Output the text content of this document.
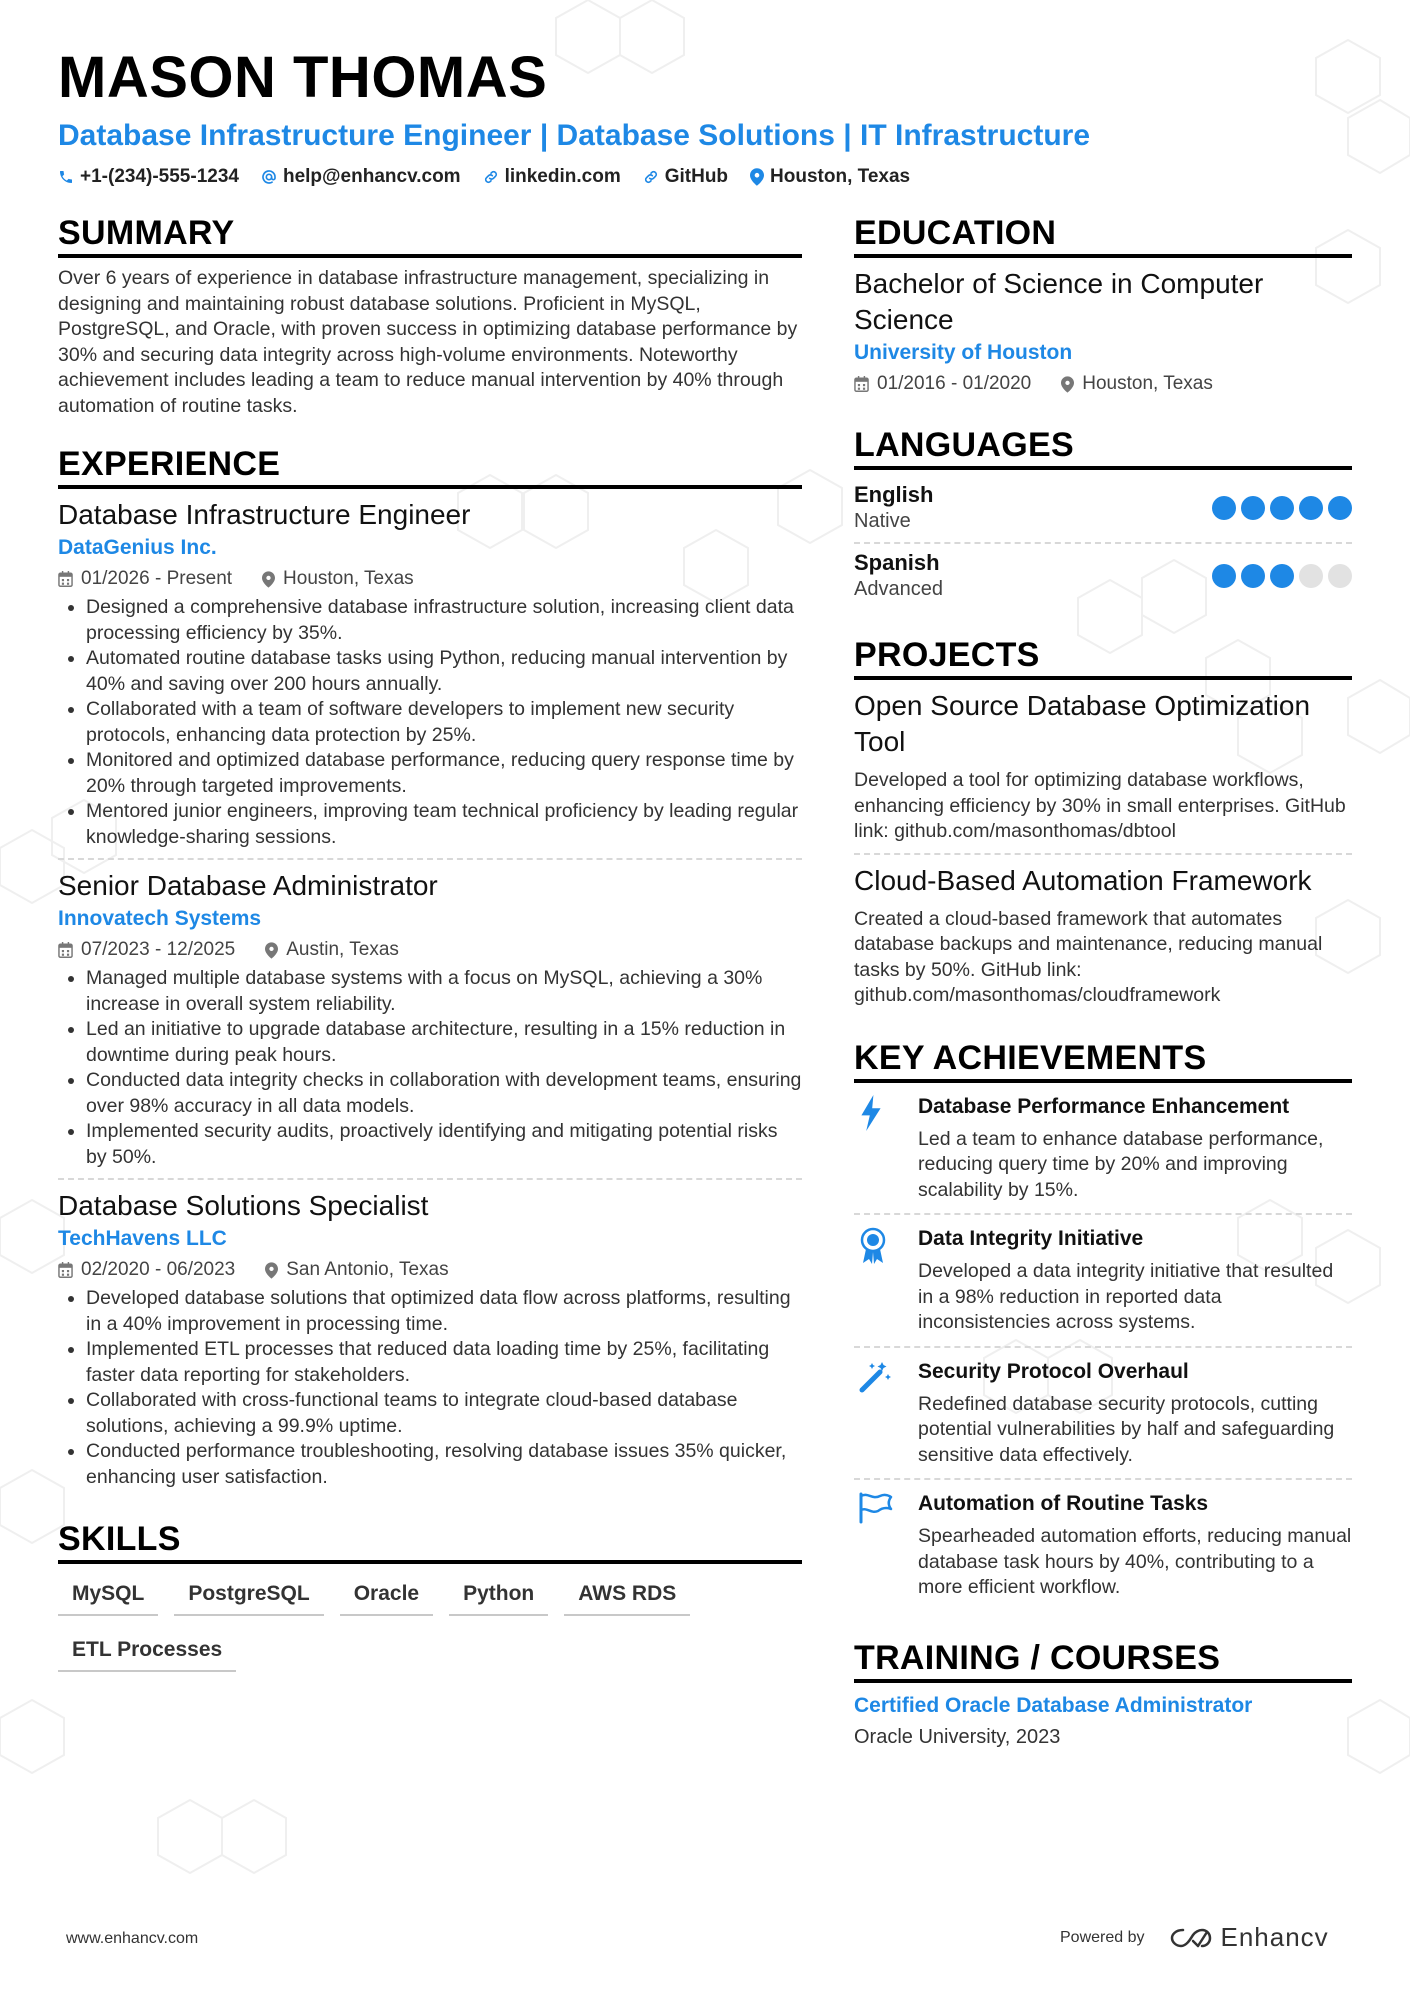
MASON THOMAS
Database Infrastructure Engineer | Database Solutions | IT Infrastructure
+1-(234)-555-1234 help@enhancv.com linkedin.com GitHub Houston, Texas
SUMMARY
Over 6 years of experience in database infrastructure management, specializing in designing and maintaining robust database solutions. Proficient in MySQL, PostgreSQL, and Oracle, with proven success in optimizing database performance by 30% and securing data integrity across high-volume environments. Noteworthy achievement includes leading a team to reduce manual intervention by 40% through automation of routine tasks.
EXPERIENCE
Database Infrastructure Engineer
DataGenius Inc.
01/2026 - Present	Houston, Texas
• Designed a comprehensive database infrastructure solution, increasing client data processing efficiency by 35%.
• Automated routine database tasks using Python, reducing manual intervention by 40% and saving over 200 hours annually.
• Collaborated with a team of software developers to implement new security protocols, enhancing data protection by 25%.
• Monitored and optimized database performance, reducing query response time by 20% through targeted improvements.
• Mentored junior engineers, improving team technical proficiency by leading regular knowledge-sharing sessions.
Senior Database Administrator
Innovatech Systems
07/2023 - 12/2025	Austin, Texas
• Managed multiple database systems with a focus on MySQL, achieving a 30% increase in overall system reliability.
• Led an initiative to upgrade database architecture, resulting in a 15% reduction in downtime during peak hours.
• Conducted data integrity checks in collaboration with development teams, ensuring over 98% accuracy in all data models.
• Implemented security audits, proactively identifying and mitigating potential risks by 50%.
Database Solutions Specialist
TechHavens LLC
02/2020 - 06/2023	San Antonio, Texas
• Developed database solutions that optimized data flow across platforms, resulting in a 40% improvement in processing time.
• Implemented ETL processes that reduced data loading time by 25%, facilitating faster data reporting for stakeholders.
• Collaborated with cross-functional teams to integrate cloud-based database solutions, achieving a 99.9% uptime.
• Conducted performance troubleshooting, resolving database issues 35% quicker, enhancing user satisfaction.
SKILLS
MySQL	PostgreSQL	Oracle	Python	AWS RDS
ETL Processes
EDUCATION
Bachelor of Science in Computer Science
University of Houston
01/2016 - 01/2020	Houston, Texas
LANGUAGES
English
Native
Spanish
Advanced
PROJECTS
Open Source Database Optimization Tool
Developed a tool for optimizing database workflows, enhancing efficiency by 30% in small enterprises. GitHub link: github.com/masonthomas/dbtool
Cloud-Based Automation Framework
Created a cloud-based framework that automates database backups and maintenance, reducing manual tasks by 50%. GitHub link: github.com/masonthomas/cloudframework
KEY ACHIEVEMENTS
Database Performance Enhancement
Led a team to enhance database performance, reducing query time by 20% and improving scalability by 15%.
Data Integrity Initiative
Developed a data integrity initiative that resulted in a 98% reduction in reported data inconsistencies across systems.
Security Protocol Overhaul
Redefined database security protocols, cutting potential vulnerabilities by half and safeguarding sensitive data effectively.
Automation of Routine Tasks
Spearheaded automation efforts, reducing manual database task hours by 40%, contributing to a more efficient workflow.
TRAINING / COURSES
Certified Oracle Database Administrator
Oracle University, 2023
www.enhancv.com	Powered by	Enhancv
